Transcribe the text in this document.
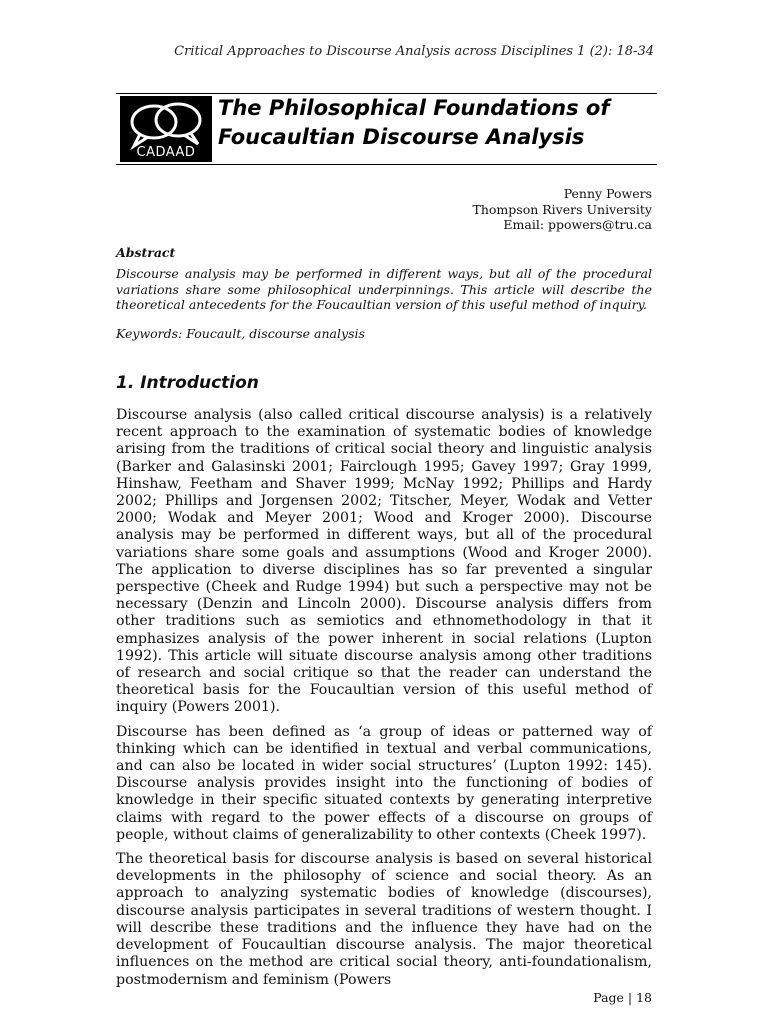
Critical Approaches to Discourse Analysis across Disciplines 1 (2): 18-34
CADAAD
The Philosophical Foundations of
Foucaultian Discourse Analysis
Penny Powers
Thompson Rivers University
Email: ppowers@tru.ca
Abstract
Discourse analysis may be performed in different ways, but all of the procedural variations share some philosophical underpinnings. This article will describe the theoretical antecedents for the Foucaultian version of this useful method of inquiry.
Keywords: Foucault, discourse analysis
1. Introduction

Discourse analysis (also called critical discourse analysis) is a relatively recent approach to the examination of systematic bodies of knowledge arising from the traditions of critical social theory and linguistic analysis (Barker and Galasinski 2001; Fairclough 1995; Gavey 1997; Gray 1999, Hinshaw, Feetham and Shaver 1999; McNay 1992; Phillips and Hardy 2002; Phillips and Jorgensen 2002; Titscher, Meyer, Wodak and Vetter 2000; Wodak and Meyer 2001; Wood and Kroger 2000). Discourse analysis may be performed in different ways, but all of the procedural variations share some goals and assumptions (Wood and Kroger 2000). The application to diverse disciplines has so far prevented a singular perspective (Cheek and Rudge 1994) but such a perspective may not be necessary (Denzin and Lincoln 2000). Discourse analysis differs from other traditions such as semiotics and ethnomethodology in that it emphasizes analysis of the power inherent in social relations (Lupton 1992). This article will situate discourse analysis among other traditions of research and social critique so that the reader can understand the theoretical basis for the Foucaultian version of this useful method of inquiry (Powers 2001).

Discourse has been defined as ‘a group of ideas or patterned way of thinking which can be identified in textual and verbal communications, and can also be located in wider social structures’ (Lupton 1992: 145). Discourse analysis provides insight into the functioning of bodies of knowledge in their specific situated contexts by generating interpretive claims with regard to the power effects of a discourse on groups of people, without claims of generalizability to other contexts (Cheek 1997).

The theoretical basis for discourse analysis is based on several historical developments in the philosophy of science and social theory. As an approach to analyzing systematic bodies of knowledge (discourses), discourse analysis participates in several traditions of western thought. I will describe these traditions and the influence they have had on the development of Foucaultian discourse analysis. The major theoretical influences on the method are critical social theory, anti-foundationalism, postmodernism and feminism (Powers

Page | 18
